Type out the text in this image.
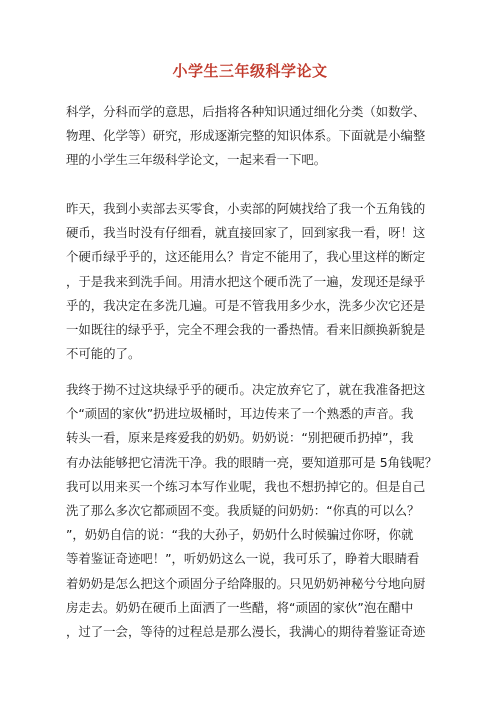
小学生三年级科学论文
科学，分科而学的意思，后指将各种知识通过细化分类（如数学、
物理、化学等）研究，形成逐渐完整的知识体系。下面就是小编整
理的小学生三年级科学论文，一起来看一下吧。
昨天，我到小卖部去买零食，小卖部的阿姨找给了我一个五角钱的
硬币，我当时没有仔细看，就直接回家了，回到家我一看，呀！这
个硬币绿乎乎的，这还能用么？肯定不能用了，我心里这样的断定
，于是我来到洗手间。用清水把这个硬币洗了一遍，发现还是绿乎
乎的，我决定在多洗几遍。可是不管我用多少水，洗多少次它还是
一如既往的绿乎乎，完全不理会我的一番热情。看来旧颜换新貌是
不可能的了。
我终于拗不过这块绿乎乎的硬币。决定放弃它了，就在我准备把这
个“顽固的家伙”扔进垃圾桶时，耳边传来了一个熟悉的声音。我
转头一看，原来是疼爱我的奶奶。奶奶说：“别把硬币扔掉”，我
有办法能够把它清洗干净。我的眼睛一亮，要知道那可是 5角钱呢？
我可以用来买一个练习本写作业呢，我也不想扔掉它的。但是自己
洗了那么多次它都顽固不变。我质疑的问奶奶：“你真的可以么？
”，奶奶自信的说：“我的大孙子，奶奶什么时候骗过你呀，你就
等着鉴证奇迹吧！”，听奶奶这么一说，我可乐了，睁着大眼睛看
着奶奶是怎么把这个顽固分子给降服的。只见奶奶神秘兮兮地向厨
房走去。奶奶在硬币上面洒了一些醋，将“顽固的家伙”泡在醋中
，过了一会，等待的过程总是那么漫长，我满心的期待着鉴证奇迹
